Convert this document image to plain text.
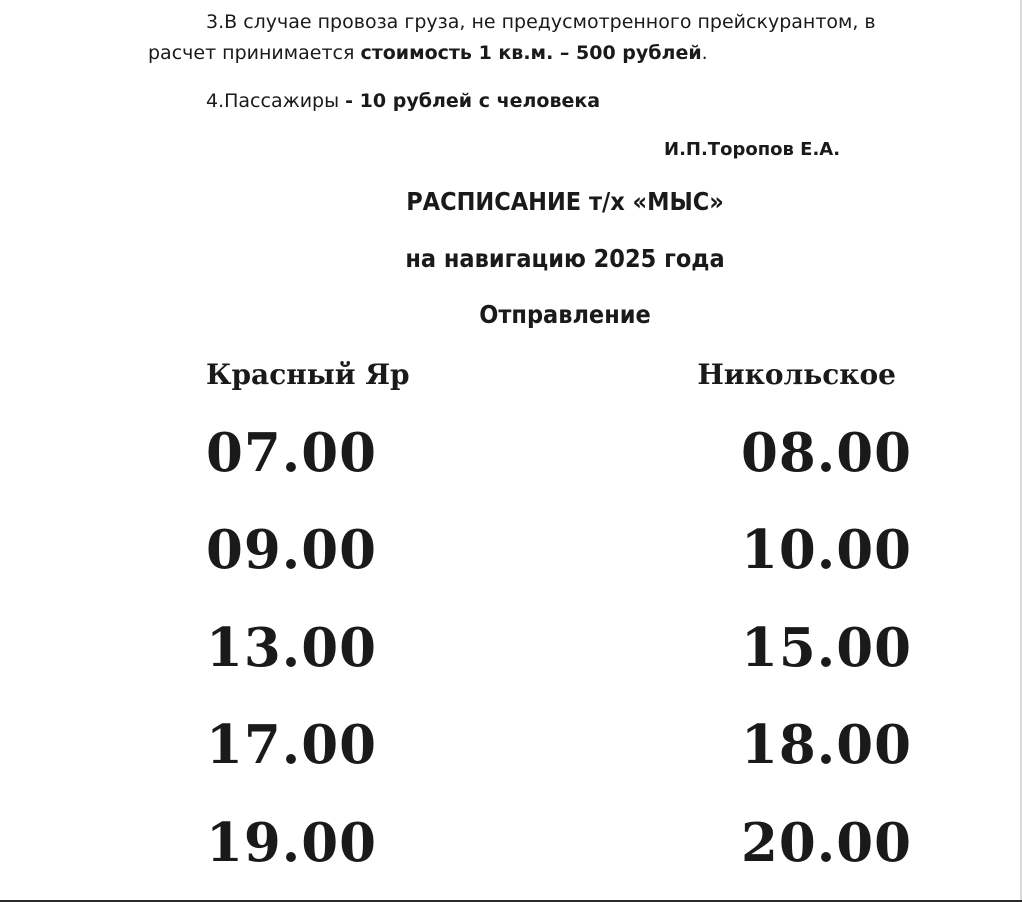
3.В случае провоза груза, не предусмотренного прейскурантом, в
расчет принимается стоимость 1 кв.м. – 500 рублей.
4.Пассажиры - 10 рублей с человека
И.П.Торопов Е.А.
РАСПИСАНИЕ т/х «МЫС»
на навигацию 2025 года
Отправление
Красный Яр	Никольское
07.00	08.00
09.00	10.00
13.00	15.00
17.00	18.00
19.00	20.00
